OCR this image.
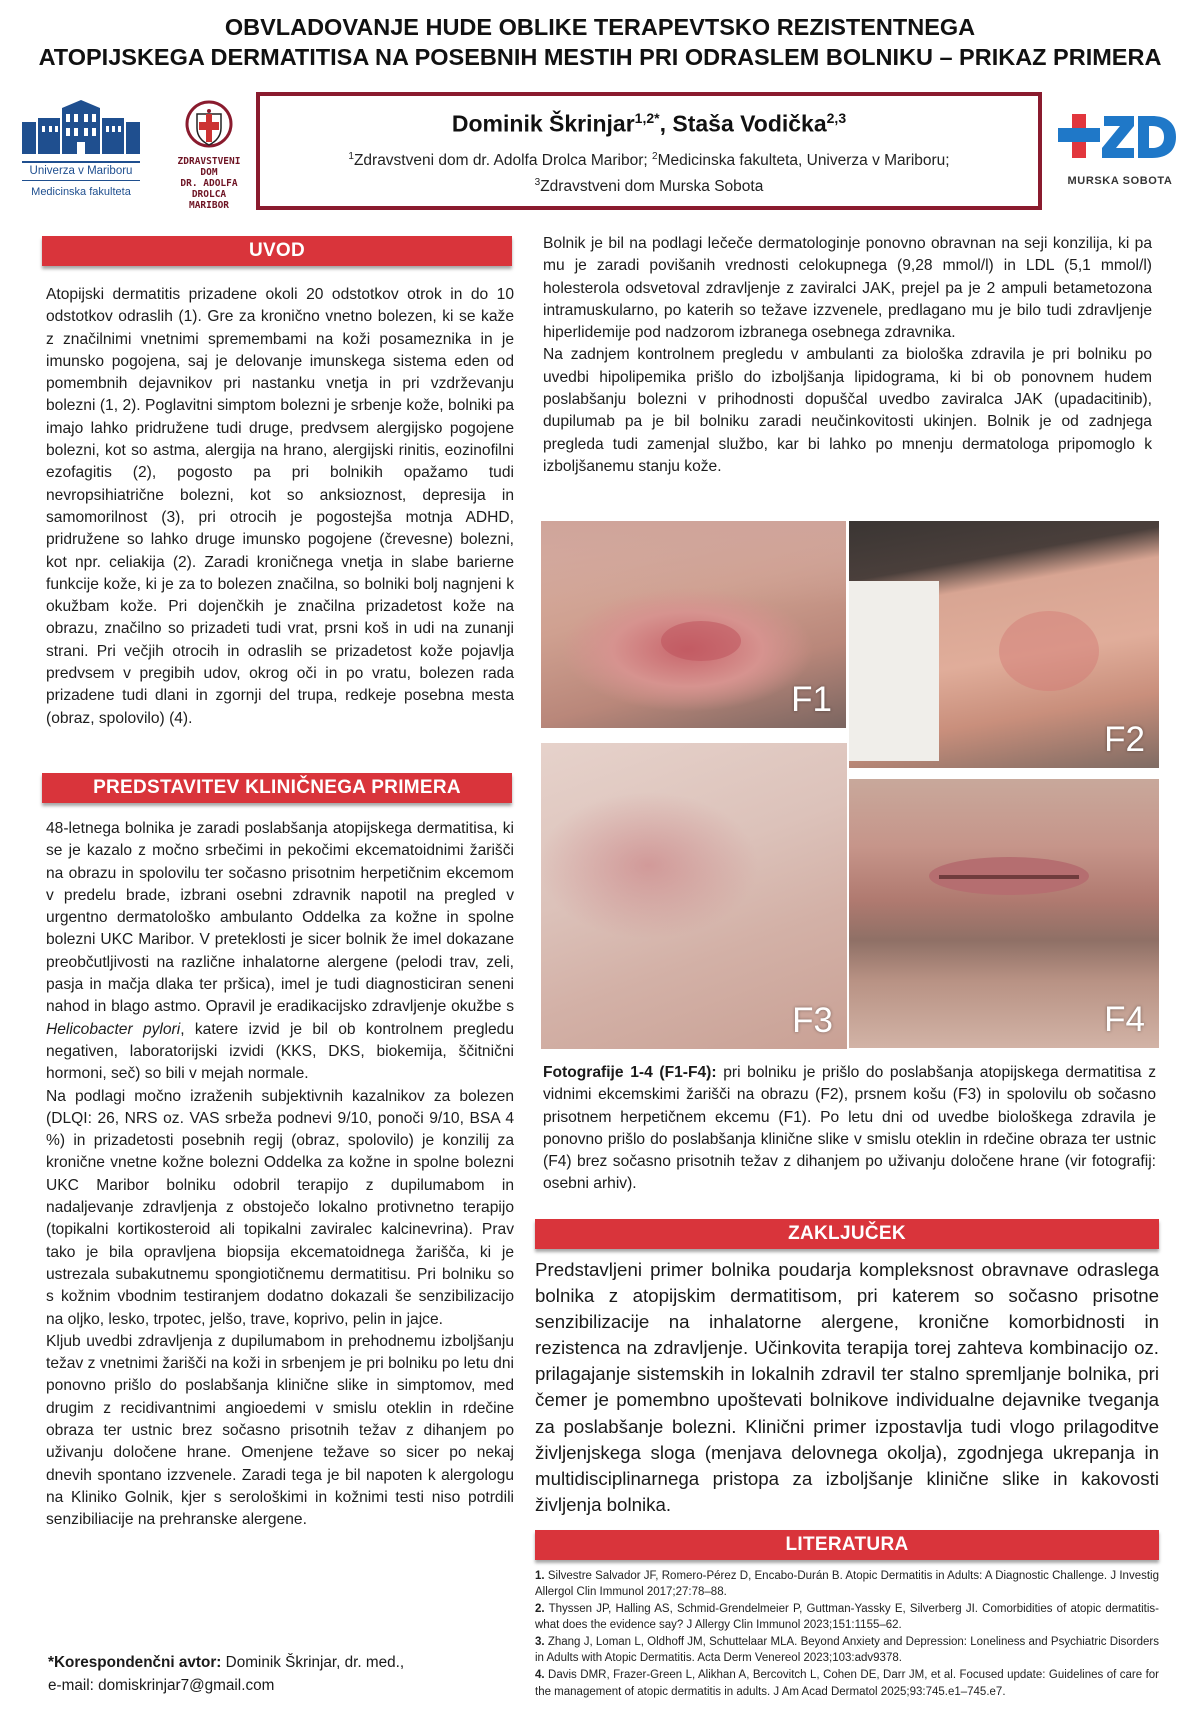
OBVLADOVANJE HUDE OBLIKE TERAPEVTSKO REZISTENTNEGA
ATOPIJSKEGA DERMATITISA NA POSEBNIH MESTIH PRI ODRASLEM BOLNIKU – PRIKAZ PRIMERA
Univerza v Mariboru
Medicinska fakulteta
ZDRAVSTVENI DOM
DR. ADOLFA DROLCA
MARIBOR
Dominik Škrinjar$^{1,2*}$, Staša Vodička$^{2,3}$
$^1$Zdravstveni dom dr. Adolfa Drolca Maribor; $^2$Medicinska fakulteta, Univerza v Mariboru;
$^3$Zdravstveni dom Murska Sobota	MURSKA SOBOTA
UVOD

Atopijski dermatitis prizadene okoli 20 odstotkov otrok in do 10 odstotkov odraslih (1). Gre za kronično vnetno bolezen, ki se kaže z značilnimi vnetnimi spremembami na koži posameznika in je imunsko pogojena, saj je delovanje imunskega sistema eden od pomembnih dejavnikov pri nastanku vnetja in pri vzdrževanju bolezni (1, 2). Poglavitni simptom bolezni je srbenje kože, bolniki pa imajo lahko pridružene tudi druge, predvsem alergijsko pogojene bolezni, kot so astma, alergija na hrano, alergijski rinitis, eozinofilni ezofagitis (2), pogosto pa pri bolnikih opažamo tudi nevropsihiatrične bolezni, kot so anksioznost, depresija in samomorilnost (3), pri otrocih je pogostejša motnja ADHD, pridružene so lahko druge imunsko pogojene (črevesne) bolezni, kot npr. celiakija (2). Zaradi kroničnega vnetja in slabe barierne funkcije kože, ki je za to bolezen značilna, so bolniki bolj nagnjeni k okužbam kože. Pri dojenčkih je značilna prizadetost kože na obrazu, značilno so prizadeti tudi vrat, prsni koš in udi na zunanji strani. Pri večjih otrocih in odraslih se prizadetost kože pojavlja predvsem v pregibih udov, okrog oči in po vratu, bolezen rada prizadene tudi dlani in zgornji del trupa, redkeje posebna mesta (obraz, spolovilo) (4).

PREDSTAVITEV KLINIČNEGA PRIMERA

48-letnega bolnika je zaradi poslabšanja atopijskega dermatitisa, ki se je kazalo z močno srbečimi in pekočimi ekcematoidnimi žarišči na obrazu in spolovilu ter sočasno prisotnim herpetičnim ekcemom v predelu brade, izbrani osebni zdravnik napotil na pregled v urgentno dermatološko ambulanto Oddelka za kožne in spolne bolezni UKC Maribor. V preteklosti je sicer bolnik že imel dokazane preobčutljivosti na različne inhalatorne alergene (pelodi trav, zeli, pasja in mačja dlaka ter pršica), imel je tudi diagnosticiran seneni nahod in blago astmo. Opravil je eradikacijsko zdravljenje okužbe s Helicobacter pylori, katere izvid je bil ob kontrolnem pregledu negativen, laboratorijski izvidi (KKS, DKS, biokemija, ščitnični hormoni, seč) so bili v mejah normale.

Na podlagi močno izraženih subjektivnih kazalnikov za bolezen (DLQI: 26, NRS oz. VAS srbeža podnevi 9/10, ponoči 9/10, BSA 4 %) in prizadetosti posebnih regij (obraz, spolovilo) je konzilij za kronične vnetne kožne bolezni Oddelka za kožne in spolne bolezni UKC Maribor bolniku odobril terapijo z dupilumabom in nadaljevanje zdravljenja z obstoječo lokalno protivnetno terapijo (topikalni kortikosteroid ali topikalni zaviralec kalcinevrina). Prav tako je bila opravljena biopsija ekcematoidnega žarišča, ki je ustrezala subakutnemu spongiotičnemu dermatitisu. Pri bolniku so s kožnim vbodnim testiranjem dodatno dokazali še senzibilizacijo na oljko, lesko, trpotec, jelšo, trave, koprivo, pelin in jajce.

Kljub uvedbi zdravljenja z dupilumabom in prehodnemu izboljšanju težav z vnetnimi žarišči na koži in srbenjem je pri bolniku po letu dni ponovno prišlo do poslabšanja klinične slike in simptomov, med drugim z recidivantnimi angioedemi v smislu oteklin in rdečine obraza ter ustnic brez sočasno prisotnih težav z dihanjem po uživanju določene hrane. Omenjene težave so sicer po nekaj dnevih spontano izzvenele. Zaradi tega je bil napoten k alergologu na Kliniko Golnik, kjer s serološkimi in kožnimi testi niso potrdili senzibiliacije na prehranske alergene.

*Korespondenčni avtor: Dominik Škrinjar, dr. med.,
e-mail: domiskrinjar7@gmail.com

Bolnik je bil na podlagi lečeče dermatologinje ponovno obravnan na seji konzilija, ki pa mu je zaradi povišanih vrednosti celokupnega (9,28 mmol/l) in LDL (5,1 mmol/l) holesterola odsvetoval zdravljenje z zaviralci JAK, prejel pa je 2 ampuli betametozona intramuskularno, po katerih so težave izzvenele, predlagano mu je bilo tudi zdravljenje hiperlidemije pod nadzorom izbranega osebnega zdravnika.

Na zadnjem kontrolnem pregledu v ambulanti za biološka zdravila je pri bolniku po uvedbi hipolipemika prišlo do izboljšanja lipidograma, ki bi ob ponovnem hudem poslabšanju bolezni v prihodnosti dopuščal uvedbo zaviralca JAK (upadacitinib), dupilumab pa je bil bolniku zaradi neučinkovitosti ukinjen. Bolnik je od zadnjega pregleda tudi zamenjal službo, kar bi lahko po mnenju dermatologa pripomoglo k izboljšanemu stanju kože.

F1
F2
F3	F4
Fotografije 1-4 (F1-F4): pri bolniku je prišlo do poslabšanja atopijskega dermatitisa z vidnimi ekcemskimi žarišči na obrazu (F2), prsnem košu (F3) in spolovilu ob sočasno prisotnem herpetičnem ekcemu (F1). Po letu dni od uvedbe biološkega zdravila je ponovno prišlo do poslabšanja klinične slike v smislu oteklin in rdečine obraza ter ustnic (F4) brez sočasno prisotnih težav z dihanjem po uživanju določene hrane (vir fotografij: osebni arhiv).
ZAKLJUČEK
Predstavljeni primer bolnika poudarja kompleksnost obravnave odraslega bolnika z atopijskim dermatitisom, pri katerem so sočasno prisotne senzibilizacije na inhalatorne alergene, kronične komorbidnosti in rezistenca na zdravljenje. Učinkovita terapija torej zahteva kombinacijo oz. prilagajanje sistemskih in lokalnih zdravil ter stalno spremljanje bolnika, pri čemer je pomembno upoštevati bolnikove individualne dejavnike tveganja za poslabšanje bolezni. Klinični primer izpostavlja tudi vlogo prilagoditve življenjskega sloga (menjava delovnega okolja), zgodnjega ukrepanja in multidisciplinarnega pristopa za izboljšanje klinične slike in kakovosti življenja bolnika.
LITERATURA

1. Silvestre Salvador JF, Romero-Pérez D, Encabo-Durán B. Atopic Dermatitis in Adults: A Diagnostic Challenge. J Investig Allergol Clin Immunol 2017;27:78–88.

2. Thyssen JP, Halling AS, Schmid-Grendelmeier P, Guttman-Yassky E, Silverberg JI. Comorbidities of atopic dermatitis-what does the evidence say? J Allergy Clin Immunol 2023;151:1155–62.

3. Zhang J, Loman L, Oldhoff JM, Schuttelaar MLA. Beyond Anxiety and Depression: Loneliness and Psychiatric Disorders in Adults with Atopic Dermatitis. Acta Derm Venereol 2023;103:adv9378.

4. Davis DMR, Frazer-Green L, Alikhan A, Bercovitch L, Cohen DE, Darr JM, et al. Focused update: Guidelines of care for the management of atopic dermatitis in adults. J Am Acad Dermatol 2025;93:745.e1–745.e7.
